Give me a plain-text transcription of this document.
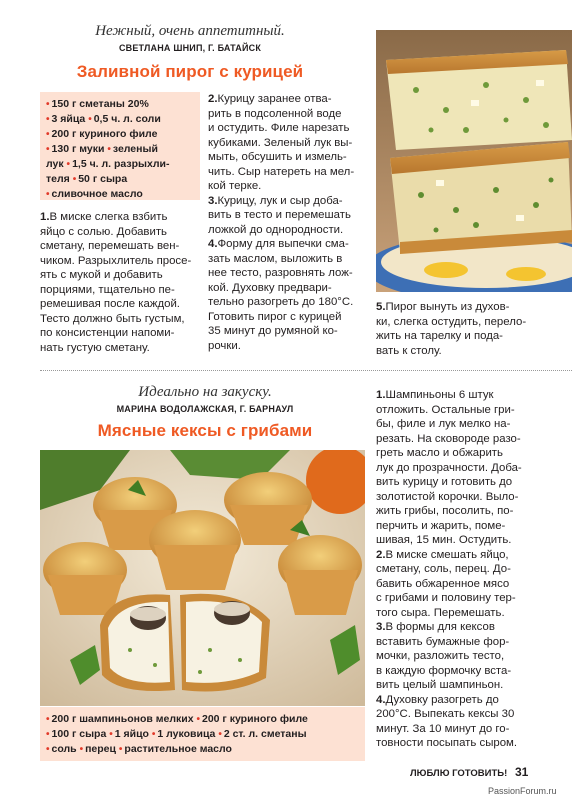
Нежный, очень аппетитный.
СВЕТЛАНА ШНИП, Г. БАТАЙСК
Заливной пирог с курицей
• 150 г сметаны 20%
• 3 яйца • 0,5 ч. л. соли
• 200 г куриного филе
• 130 г муки • зеленый
лук • 1,5 ч. л. разрыхли-
теля • 50 г сыра
• сливочное масло
1.В миске слегка взбить
яйцо с солью. Добавить
сметану, перемешать вен-
чиком. Разрыхлитель просе-
ять с мукой и добавить
порциями, тщательно пе-
ремешивая после каждой.
Тесто должно быть густым,
по консистенции напоми-
нать густую сметану.
2.Курицу заранее отва-
рить в подсоленной воде
и остудить. Филе нарезать
кубиками. Зеленый лук вы-
мыть, обсушить и измель-
чить. Сыр натереть на мел-
кой терке.
3.Курицу, лук и сыр доба-
вить в тесто и перемешать
ложкой до однородности.
4.Форму для выпечки сма-
зать маслом, выложить в
нее тесто, разровнять лож-
кой. Духовку предвари-
тельно разогреть до 180°С.
Готовить пирог с курицей
35 минут до румяной ко-
рочки.
5.Пирог вынуть из духов-
ки, слегка остудить, перело-
жить на тарелку и пода-
вать к столу.
Идеально на закуску.
МАРИНА ВОДОЛАЖСКАЯ, Г. БАРНАУЛ
Мясные кексы с грибами
• 200 г шампиньонов мелких • 200 г куриного филе
• 100 г сыра • 1 яйцо • 1 луковица • 2 ст. л. сметаны
• соль • перец • растительное масло
1.Шампиньоны 6 штук
отложить. Остальные гри-
бы, филе и лук мелко на-
резать. На сковороде разо-
греть масло и обжарить
лук до прозрачности. Доба-
вить курицу и готовить до
золотистой корочки. Выло-
жить грибы, посолить, по-
перчить и жарить, поме-
шивая, 15 мин. Остудить.
2.В миске смешать яйцо,
сметану, соль, перец. До-
бавить обжаренное мясо
с грибами и половину тер-
того сыра. Перемешать.
3.В формы для кексов
вставить бумажные фор-
мочки, разложить тесто,
в каждую формочку вста-
вить целый шампиньон.
4.Духовку разогреть до
200°С. Выпекать кексы 30
минут. За 10 минут до го-
товности посыпать сыром.
ЛЮБЛЮ ГОТОВИТЬ! 31
PassionForum.ru
